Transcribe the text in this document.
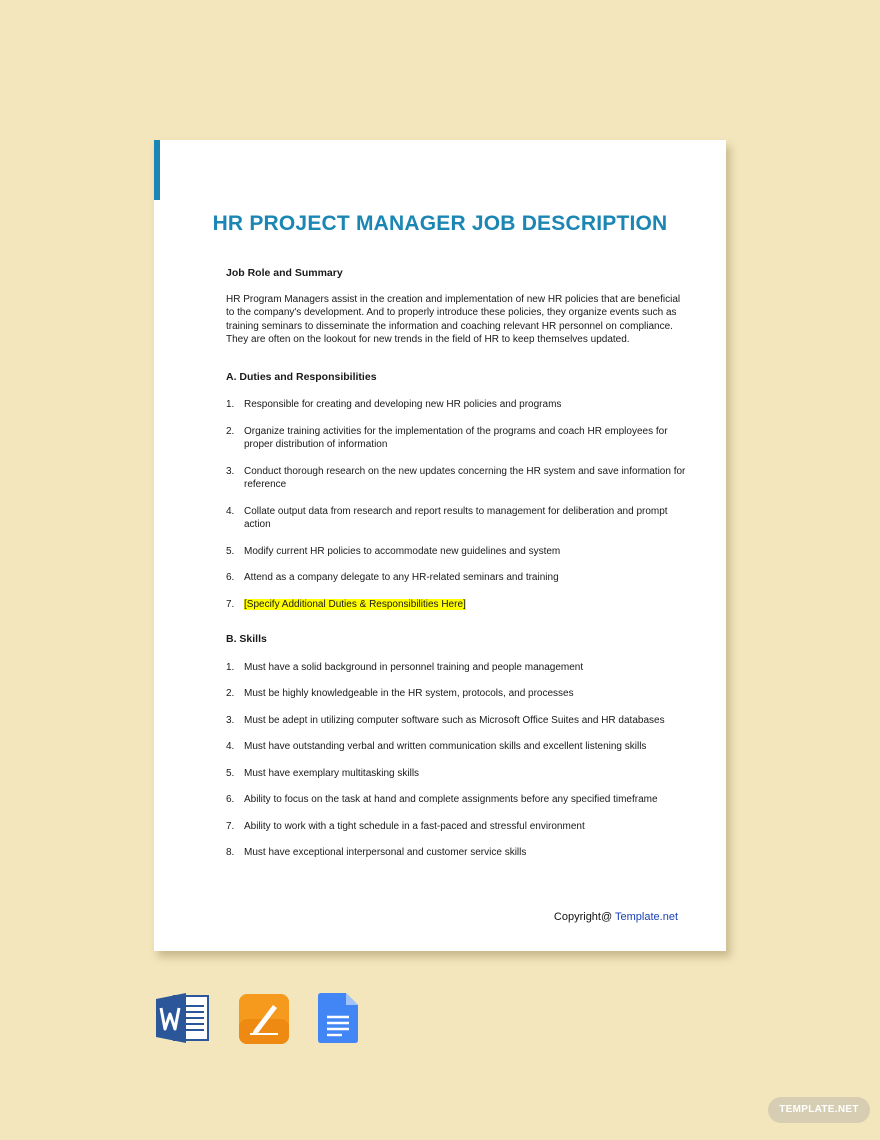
HR PROJECT MANAGER JOB DESCRIPTION

Job Role and Summary

HR Program Managers assist in the creation and implementation of new HR policies that are beneficial to the company's development. And to properly introduce these policies, they organize events such as training seminars to disseminate the information and coaching relevant HR personnel on compliance. They are often on the lookout for new trends in the field of HR to keep themselves updated.

A. Duties and Responsibilities

1. Responsible for creating and developing new HR policies and programs
2. Organize training activities for the implementation of the programs and coach HR employees for proper distribution of information
3. Conduct thorough research on the new updates concerning the HR system and save information for reference
4. Collate output data from research and report results to management for deliberation and prompt action
5. Modify current HR policies to accommodate new guidelines and system
6. Attend as a company delegate to any HR-related seminars and training
7. [Specify Additional Duties & Responsibilities Here]

B. Skills

1. Must have a solid background in personnel training and people management
2. Must be highly knowledgeable in the HR system, protocols, and processes
3. Must be adept in utilizing computer software such as Microsoft Office Suites and HR databases
4. Must have outstanding verbal and written communication skills and excellent listening skills
5. Must have exemplary multitasking skills
6. Ability to focus on the task at hand and complete assignments before any specified timeframe
7. Ability to work with a tight schedule in a fast-paced and stressful environment
8. Must have exceptional interpersonal and customer service skills
Copyright@ Template.net
TEMPLATE.NET
